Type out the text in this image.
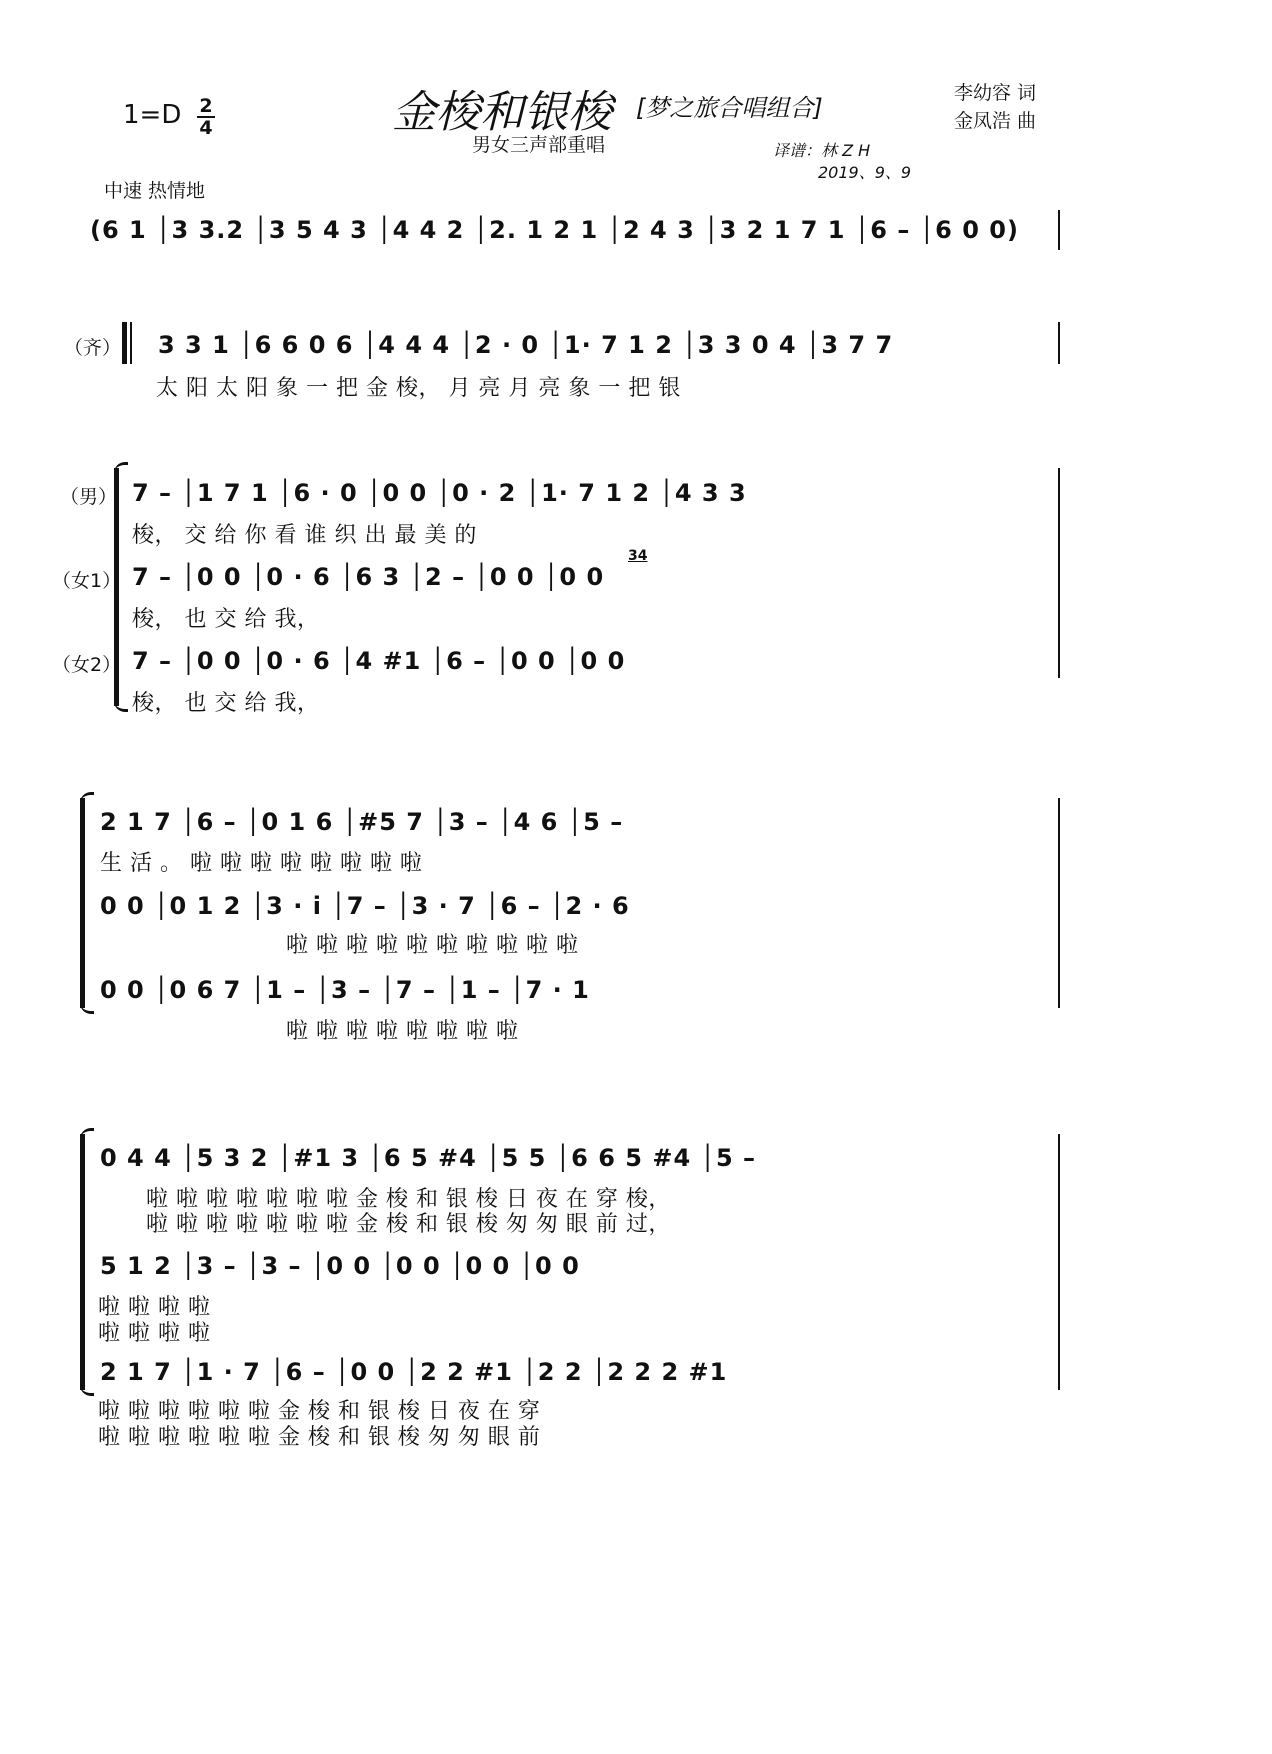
$1=D \frac{2}{4}$	金梭和银梭 [梦之旅合唱组合]
男女三声部重唱
李幼容 词
金凤浩 曲
译谱：林 Z H
2019、9、9
中速 热情地
(6 1 │3 3.2 │3 5 4 3 │4 4 2 │2. 1 2 1 │2 4 3 │3 2 1 7 1 │6 – │6 0 0)
（齐） 3 3 1 │6 6 0 6 │4 4 4 │2 · 0 │1· 7 1 2 │3 3 0 4 │3 7 7
太 阳 太 阳 象 一 把 金 梭， 月 亮 月 亮 象 一 把 银
（男） 7 – │1 7 1 │6 · 0 │0 0 │0 · 2 │1· 7 1 2 │4 3 3
梭， 交 给 你 看 谁 织 出 最 美 的
（女1）
34
7 – │0 0 │0 · 6 │6 3 │2 – │0 0 │0 0
梭， 也 交 给 我，
（女2） 7 – │0 0 │0 · 6 │4 #1 │6 – │0 0 │0 0
梭， 也 交 给 我，
2 1 7 │6 – │0 1 6 │#5 7 │3 – │4 6 │5 –
生 活 。 啦 啦 啦 啦 啦 啦 啦 啦
0 0 │0 1 2 │3 · i │7 – │3 · 7 │6 – │2 · 6
啦 啦 啦 啦 啦 啦 啦 啦 啦 啦
0 0 │0 6 7 │1 – │3 – │7 – │1 – │7 · 1
啦 啦 啦 啦 啦 啦 啦 啦
0 4 4 │5 3 2 │#1 3 │6 5 #4 │5 5 │6 6 5 #4 │5 –
啦 啦 啦 啦 啦 啦 啦 金 梭 和 银 梭 日 夜 在 穿 梭，
啦 啦 啦 啦 啦 啦 啦 金 梭 和 银 梭 匆 匆 眼 前 过，
5 1 2 │3 – │3 – │0 0 │0 0 │0 0 │0 0
啦 啦 啦 啦
啦 啦 啦 啦
2 1 7 │1 · 7 │6 – │0 0 │2 2 #1 │2 2 │2 2 2 #1
啦 啦 啦 啦 啦 啦 金 梭 和 银 梭 日 夜 在 穿
啦 啦 啦 啦 啦 啦 金 梭 和 银 梭 匆 匆 眼 前
